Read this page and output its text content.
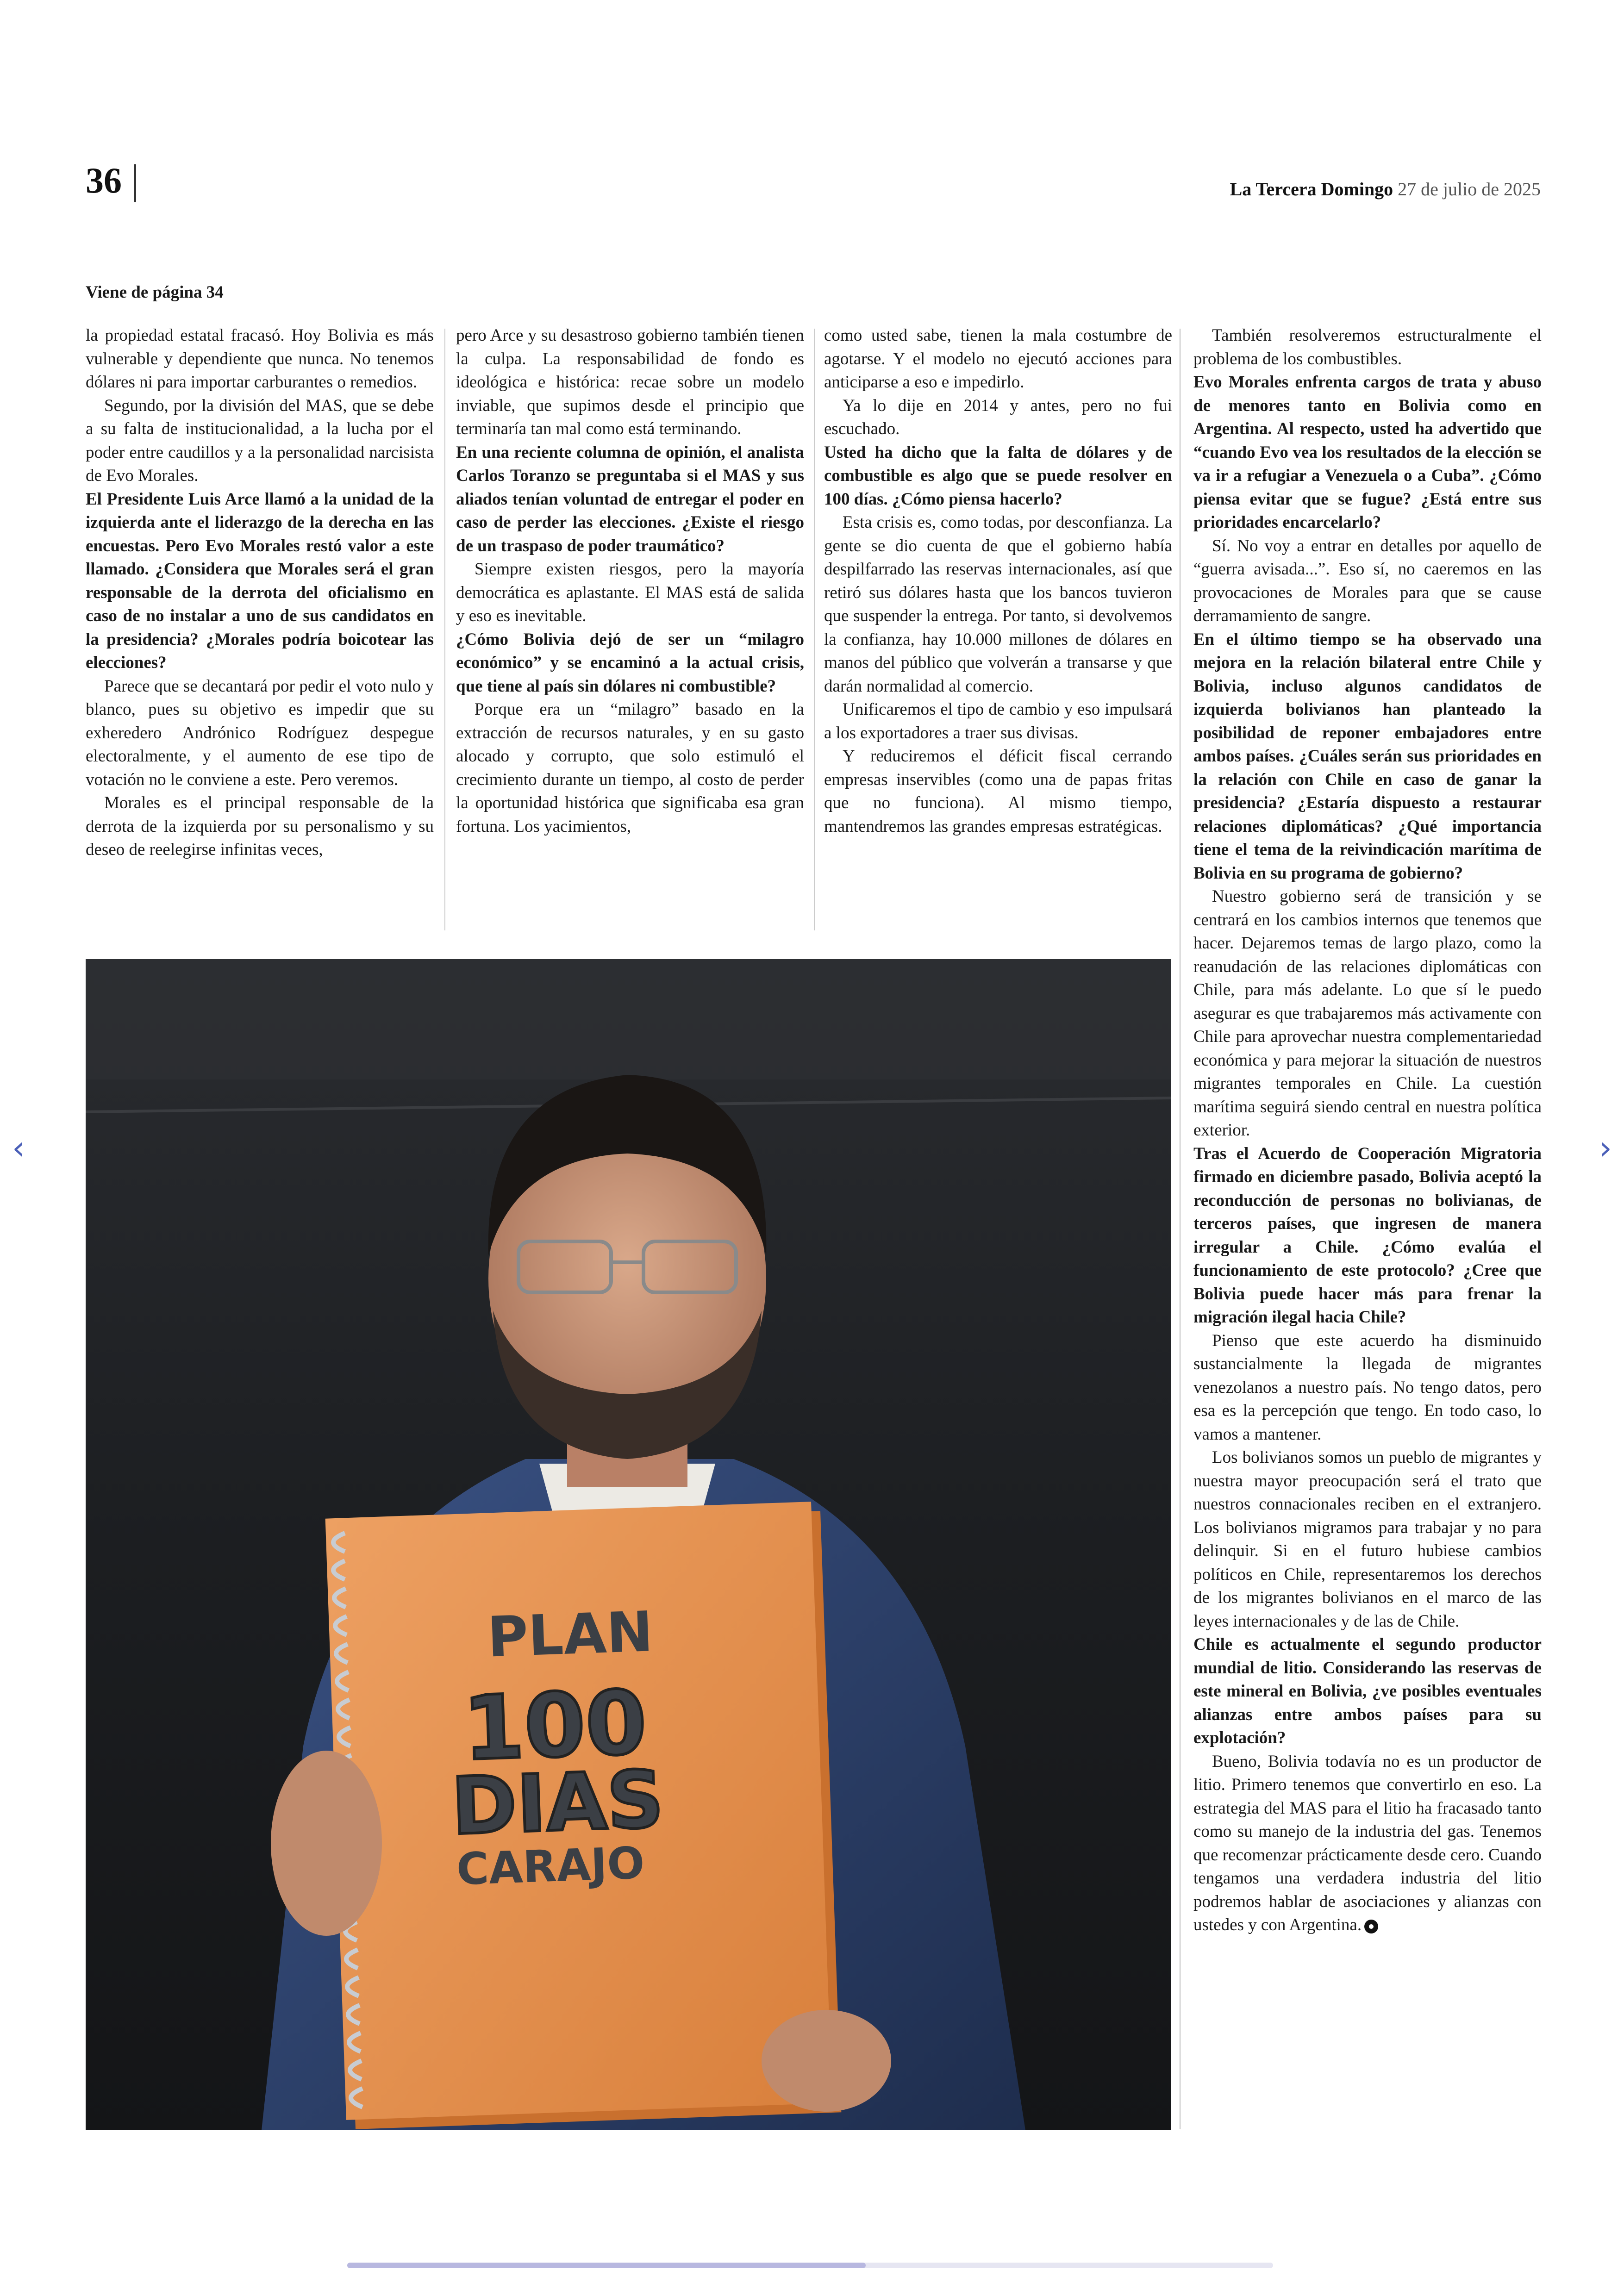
36	La Tercera Domingo 27 de julio de 2025
Viene de página 34

la propiedad estatal fracasó. Hoy Bolivia es más vulnerable y dependiente que nunca. No tenemos dólares ni para importar carburantes o remedios.

Segundo, por la división del MAS, que se debe a su falta de institucionalidad, a la lucha por el poder entre caudillos y a la personalidad narcisista de Evo Morales.

El Presidente Luis Arce llamó a la unidad de la izquierda ante el liderazgo de la derecha en las encuestas. Pero Evo Morales restó valor a este llamado. ¿Considera que Morales será el gran responsable de la derrota del oficialismo en caso de no instalar a uno de sus candidatos en la presidencia? ¿Morales podría boicotear las elecciones?

Parece que se decantará por pedir el voto nulo y blanco, pues su objetivo es impedir que su exheredero Andrónico Rodríguez despegue electoralmente, y el aumento de ese tipo de votación no le conviene a este. Pero veremos.

Morales es el principal responsable de la derrota de la izquierda por su personalismo y su deseo de reelegirse infinitas veces,

pero Arce y su desastroso gobierno también tienen la culpa. La responsabilidad de fondo es ideológica e histórica: recae sobre un modelo inviable, que supimos desde el principio que terminaría tan mal como está terminando.

En una reciente columna de opinión, el analista Carlos Toranzo se preguntaba si el MAS y sus aliados tenían voluntad de entregar el poder en caso de perder las elecciones. ¿Existe el riesgo de un traspaso de poder traumático?

Siempre existen riesgos, pero la mayoría democrática es aplastante. El MAS está de salida y eso es inevitable.

¿Cómo Bolivia dejó de ser un “milagro económico” y se encaminó a la actual crisis, que tiene al país sin dólares ni combustible?

Porque era un “milagro” basado en la extracción de recursos naturales, y en su gasto alocado y corrupto, que solo estimuló el crecimiento durante un tiempo, al costo de perder la oportunidad histórica que significaba esa gran fortuna. Los yacimientos,

como usted sabe, tienen la mala costumbre de agotarse. Y el modelo no ejecutó acciones para anticiparse a eso e impedirlo.

Ya lo dije en 2014 y antes, pero no fui escuchado.

Usted ha dicho que la falta de dólares y de combustible es algo que se puede resolver en 100 días. ¿Cómo piensa hacerlo?

Esta crisis es, como todas, por desconfianza. La gente se dio cuenta de que el gobierno había despilfarrado las reservas internacionales, así que retiró sus dólares hasta que los bancos tuvieron que suspender la entrega. Por tanto, si devolvemos la confianza, hay 10.000 millones de dólares en manos del público que volverán a transarse y que darán normalidad al comercio.

Unificaremos el tipo de cambio y eso impulsará a los exportadores a traer sus divisas.

Y reduciremos el déficit fiscal cerrando empresas inservibles (como una de papas fritas que no funciona). Al mismo tiempo, mantendremos las grandes empresas estratégicas.

También resolveremos estructuralmente el problema de los combustibles.

Evo Morales enfrenta cargos de trata y abuso de menores tanto en Bolivia como en Argentina. Al respecto, usted ha advertido que “cuando Evo vea los resultados de la elección se va ir a refugiar a Venezuela o a Cuba”. ¿Cómo piensa evitar que se fugue? ¿Está entre sus prioridades encarcelarlo?

Sí. No voy a entrar en detalles por aquello de “guerra avisada...”. Eso sí, no caeremos en las provocaciones de Morales para que se cause derramamiento de sangre.

En el último tiempo se ha observado una mejora en la relación bilateral entre Chile y Bolivia, incluso algunos candidatos de izquierda bolivianos han planteado la posibilidad de reponer embajadores entre ambos países. ¿Cuáles serán sus prioridades en la relación con Chile en caso de ganar la presidencia? ¿Estaría dispuesto a restaurar relaciones diplomáticas? ¿Qué importancia tiene el tema de la reivindicación marítima de Bolivia en su programa de gobierno?

Nuestro gobierno será de transición y se centrará en los cambios internos que tenemos que hacer. Dejaremos temas de largo plazo, como la reanudación de las relaciones diplomáticas con Chile, para más adelante. Lo que sí le puedo asegurar es que trabajaremos más activamente con Chile para aprovechar nuestra complementariedad económica y para mejorar la situación de nuestros migrantes temporales en Chile. La cuestión marítima seguirá siendo central en nuestra política exterior.

Tras el Acuerdo de Cooperación Migratoria firmado en diciembre pasado, Bolivia aceptó la reconducción de personas no bolivianas, de terceros países, que ingresen de manera irregular a Chile. ¿Cómo evalúa el funcionamiento de este protocolo? ¿Cree que Bolivia puede hacer más para frenar la migración ilegal hacia Chile?

Pienso que este acuerdo ha disminuido sustancialmente la llegada de migrantes venezolanos a nuestro país. No tengo datos, pero esa es la percepción que tengo. En todo caso, lo vamos a mantener.

Los bolivianos somos un pueblo de migrantes y nuestra mayor preocupación será el trato que nuestros connacionales reciben en el extranjero. Los bolivianos migramos para trabajar y no para delinquir. Si en el futuro hubiese cambios políticos en Chile, representaremos los derechos de los migrantes bolivianos en el marco de las leyes internacionales y de las de Chile.

Chile es actualmente el segundo productor mundial de litio. Considerando las reservas de este mineral en Bolivia, ¿ve posibles eventuales alianzas entre ambos países para su explotación?

Bueno, Bolivia todavía no es un productor de litio. Primero tenemos que convertirlo en eso. La estrategia del MAS para el litio ha fracasado tanto como su manejo de la industria del gas. Tenemos que recomenzar prácticamente desde cero. Cuando tengamos una verdadera industria del litio podremos hablar de asociaciones y alianzas con ustedes y con Argentina.

PLAN
100
DIAS
CARAJO
‹	›
